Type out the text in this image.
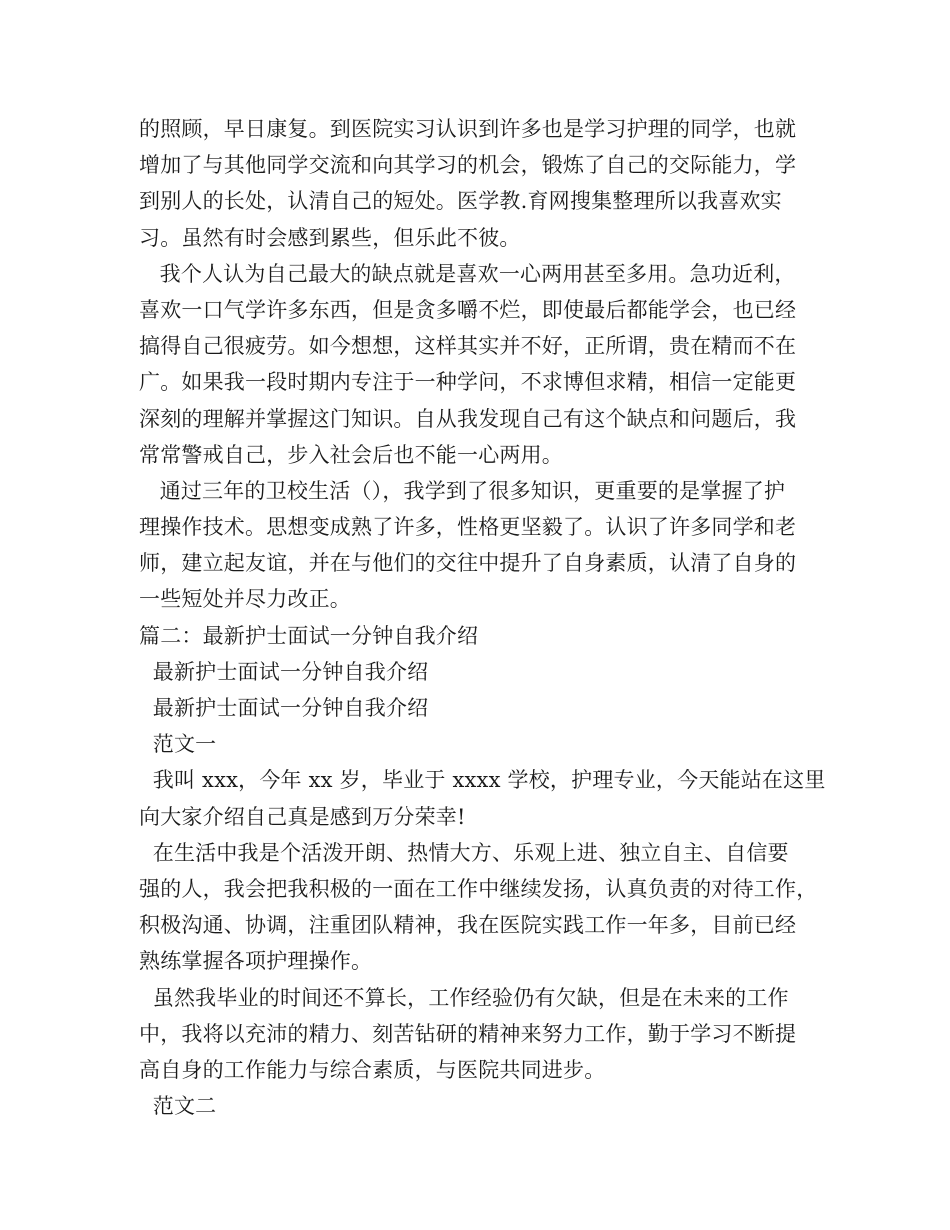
的照顾，早日康复。到医院实习认识到许多也是学习护理的同学，也就
增加了与其他同学交流和向其学习的机会，锻炼了自己的交际能力，学
到别人的长处，认清自己的短处。医学教.育网搜集整理所以我喜欢实
习。虽然有时会感到累些，但乐此不彼。
我个人认为自己最大的缺点就是喜欢一心两用甚至多用。急功近利，
喜欢一口气学许多东西，但是贪多嚼不烂，即使最后都能学会，也已经
搞得自己很疲劳。如今想想，这样其实并不好，正所谓，贵在精而不在
广。如果我一段时期内专注于一种学问，不求博但求精，相信一定能更
深刻的理解并掌握这门知识。自从我发现自己有这个缺点和问题后，我
常常警戒自己，步入社会后也不能一心两用。
通过三年的卫校生活（），我学到了很多知识，更重要的是掌握了护
理操作技术。思想变成熟了许多，性格更坚毅了。认识了许多同学和老
师，建立起友谊，并在与他们的交往中提升了自身素质，认清了自身的
一些短处并尽力改正。
篇二：最新护士面试一分钟自我介绍
最新护士面试一分钟自我介绍
最新护士面试一分钟自我介绍
范文一
我叫 xxx，今年 xx 岁，毕业于 xxxx 学校，护理专业，今天能站在这里
向大家介绍自己真是感到万分荣幸!
在生活中我是个活泼开朗、热情大方、乐观上进、独立自主、自信要
强的人，我会把我积极的一面在工作中继续发扬，认真负责的对待工作，
积极沟通、协调，注重团队精神，我在医院实践工作一年多，目前已经
熟练掌握各项护理操作。
虽然我毕业的时间还不算长，工作经验仍有欠缺，但是在未来的工作
中，我将以充沛的精力、刻苦钻研的精神来努力工作，勤于学习不断提
高自身的工作能力与综合素质，与医院共同进步。
范文二
